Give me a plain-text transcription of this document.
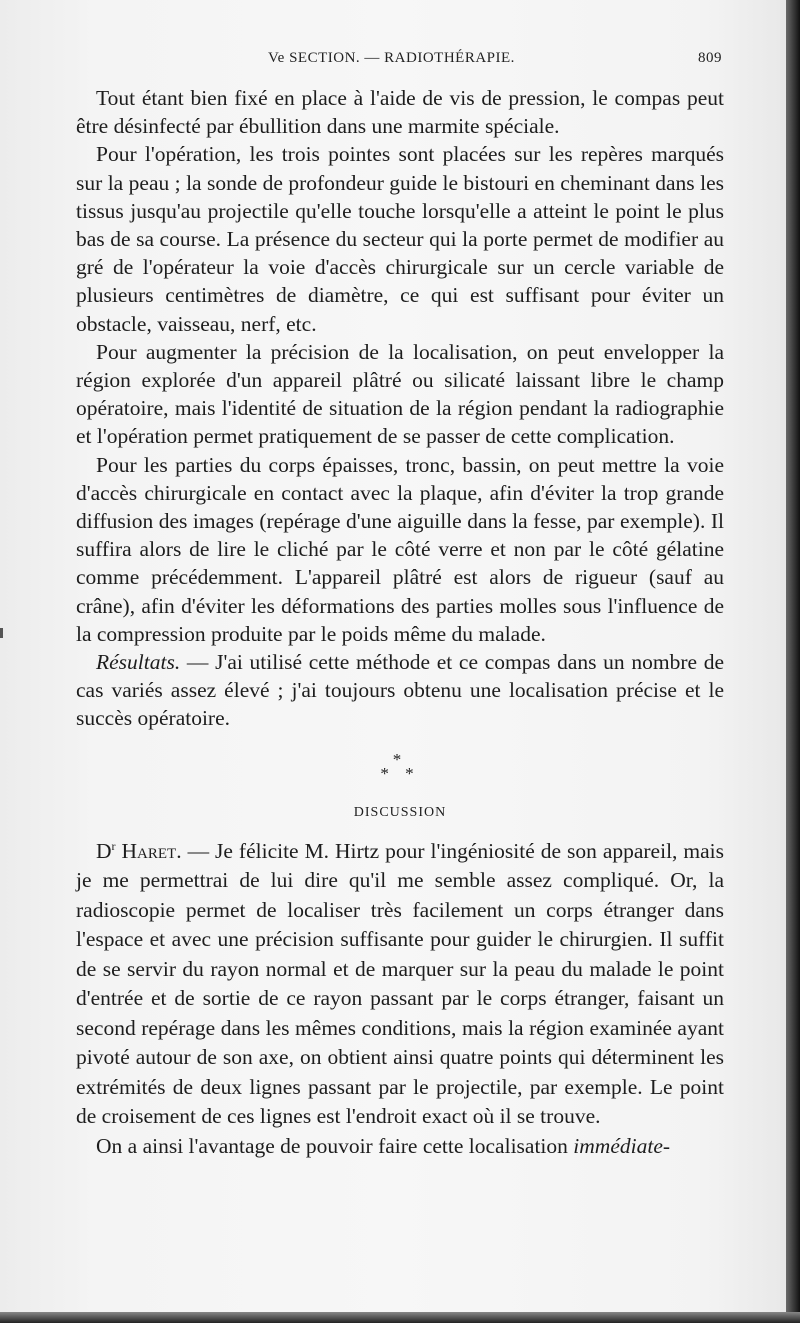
Ve SECTION. — RADIOTHÉRAPIE.	809

Tout étant bien fixé en place à l'aide de vis de pression, le compas peut être désinfecté par ébullition dans une marmite spéciale.

Pour l'opération, les trois pointes sont placées sur les repères marqués sur la peau ; la sonde de profondeur guide le bistouri en cheminant dans les tissus jusqu'au projectile qu'elle touche lorsqu'elle a atteint le point le plus bas de sa course. La présence du secteur qui la porte permet de modifier au gré de l'opérateur la voie d'accès chirurgicale sur un cercle variable de plusieurs centimètres de diamètre, ce qui est suffisant pour éviter un obstacle, vaisseau, nerf, etc.

Pour augmenter la précision de la localisation, on peut envelopper la région explorée d'un appareil plâtré ou silicaté laissant libre le champ opératoire, mais l'identité de situation de la région pendant la radiographie et l'opération permet pratiquement de se passer de cette complication.

Pour les parties du corps épaisses, tronc, bassin, on peut mettre la voie d'accès chirurgicale en contact avec la plaque, afin d'éviter la trop grande diffusion des images (repérage d'une aiguille dans la fesse, par exemple). Il suffira alors de lire le cliché par le côté verre et non par le côté gélatine comme précédemment. L'appareil plâtré est alors de rigueur (sauf au crâne), afin d'éviter les déformations des parties molles sous l'influence de la compression produite par le poids même du malade.

Résultats. — J'ai utilisé cette méthode et ce compas dans un nombre de cas variés assez élevé ; j'ai toujours obtenu une localisation précise et le succès opératoire.

*
* *
DISCUSSION

$D^r$ Haret. — Je félicite M. Hirtz pour l'ingéniosité de son appareil, mais je me permettrai de lui dire qu'il me semble assez compliqué. Or, la radioscopie permet de localiser très facilement un corps étranger dans l'espace et avec une précision suffisante pour guider le chirurgien. Il suffit de se servir du rayon normal et de marquer sur la peau du malade le point d'entrée et de sortie de ce rayon passant par le corps étranger, faisant un second repérage dans les mêmes conditions, mais la région examinée ayant pivoté autour de son axe, on obtient ainsi quatre points qui déterminent les extrémités de deux lignes passant par le projectile, par exemple. Le point de croisement de ces lignes est l'endroit exact où il se trouve.

On a ainsi l'avantage de pouvoir faire cette localisation immédiate-
